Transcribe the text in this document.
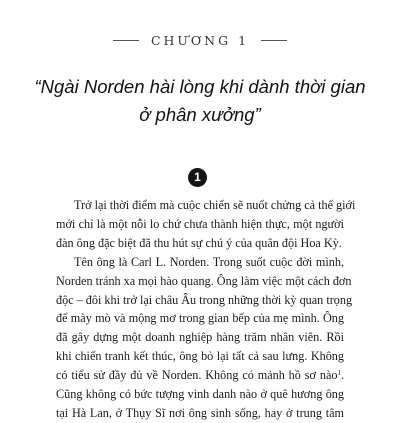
CHƯƠNG 1
“Ngài Norden hài lòng khi dành thời gian
ở phân xưởng”
1
Trở lại thời điểm mà cuộc chiến sẽ nuốt chửng cả thế giới
mới chỉ là một nỗi lo chứ chưa thành hiện thực, một người
đàn ông đặc biệt đã thu hút sự chú ý của quân đội Hoa Kỳ.
Tên ông là Carl L. Norden. Trong suốt cuộc đời mình,
Norden tránh xa mọi hào quang. Ông làm việc một cách đơn
độc – đôi khi trở lại châu Âu trong những thời kỳ quan trọng
để mày mò và mộng mơ trong gian bếp của mẹ mình. Ông
đã gây dựng một doanh nghiệp hàng trăm nhân viên. Rồi
khi chiến tranh kết thúc, ông bỏ lại tất cả sau lưng. Không
có tiểu sử đầy đủ về Norden. Không có mảnh hồ sơ nào$^1$.
Cũng không có bức tượng vinh danh nào ở quê hương ông
tại Hà Lan, ở Thụy Sĩ nơi ông sinh sống, hay ở trung tâm
